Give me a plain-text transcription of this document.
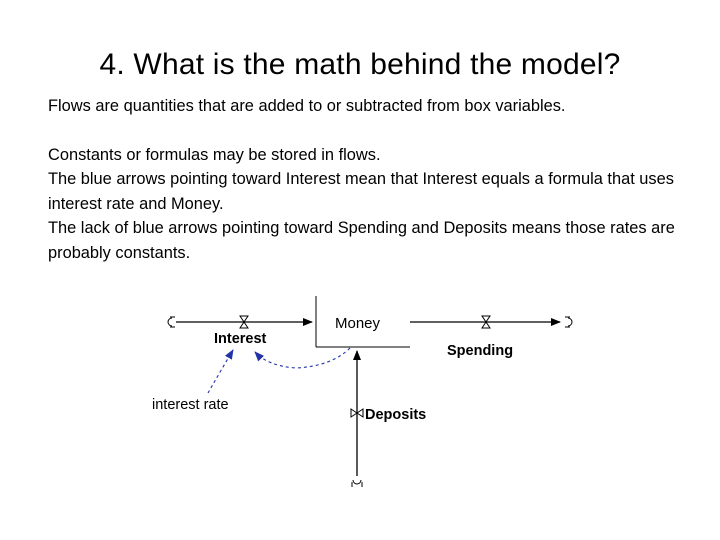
4. What is the math behind the model?

Flows are quantities that are added to or subtracted from box variables.

Constants or formulas may be stored in flows.

The blue arrows pointing toward Interest mean that Interest equals a formula that uses interest rate and Money.

The lack of blue arrows pointing toward Spending and Deposits means those rates are probably constants.

Money
Interest
Spending
Deposits
interest rate
